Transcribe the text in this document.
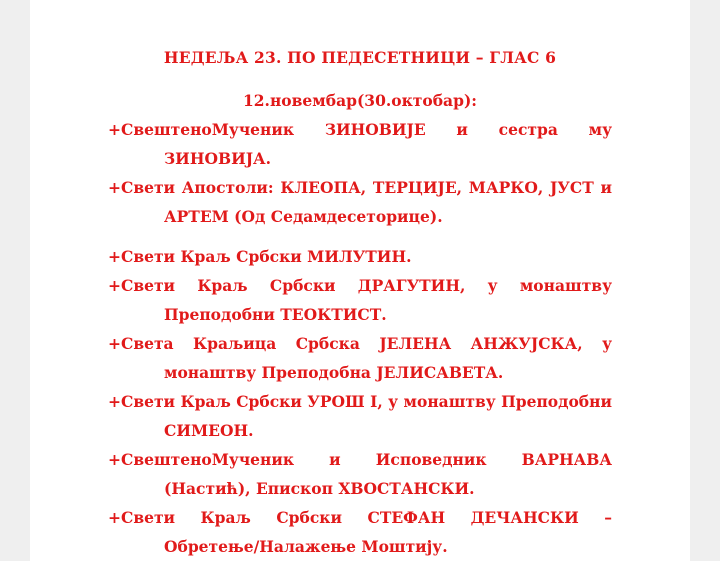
НЕДЕЉА 23. ПО ПЕДЕСЕТНИЦИ – ГЛАС 6

12.новембар(30.октобар):

+СвештеноМученик ЗИНОВИЈЕ и сестра му ЗИНОВИЈА.

+Свети Апостоли: КЛЕОПА, ТЕРЦИЈЕ, МАРКО, ЈУСТ и АРТЕМ (Од Седамдесеторице).

+Свети Краљ Србски МИЛУТИН.

+Свети Краљ Србски ДРАГУТИН, у монаштву Преподобни ТЕОКТИСТ.

+Света Краљица Србска ЈЕЛЕНА АНЖУЈСКА, у монаштву Преподобна ЈЕЛИСАВЕТА.

+Свети Краљ Србски УРОШ I, у монаштву Преподобни СИМЕОН.

+СвештеноМученик и Исповедник ВАРНАВА (Настић), Епископ ХВОСТАНСКИ.

+Свети Краљ Србски СТЕФАН ДЕЧАНСКИ – Обретење/Налажење Моштију.
